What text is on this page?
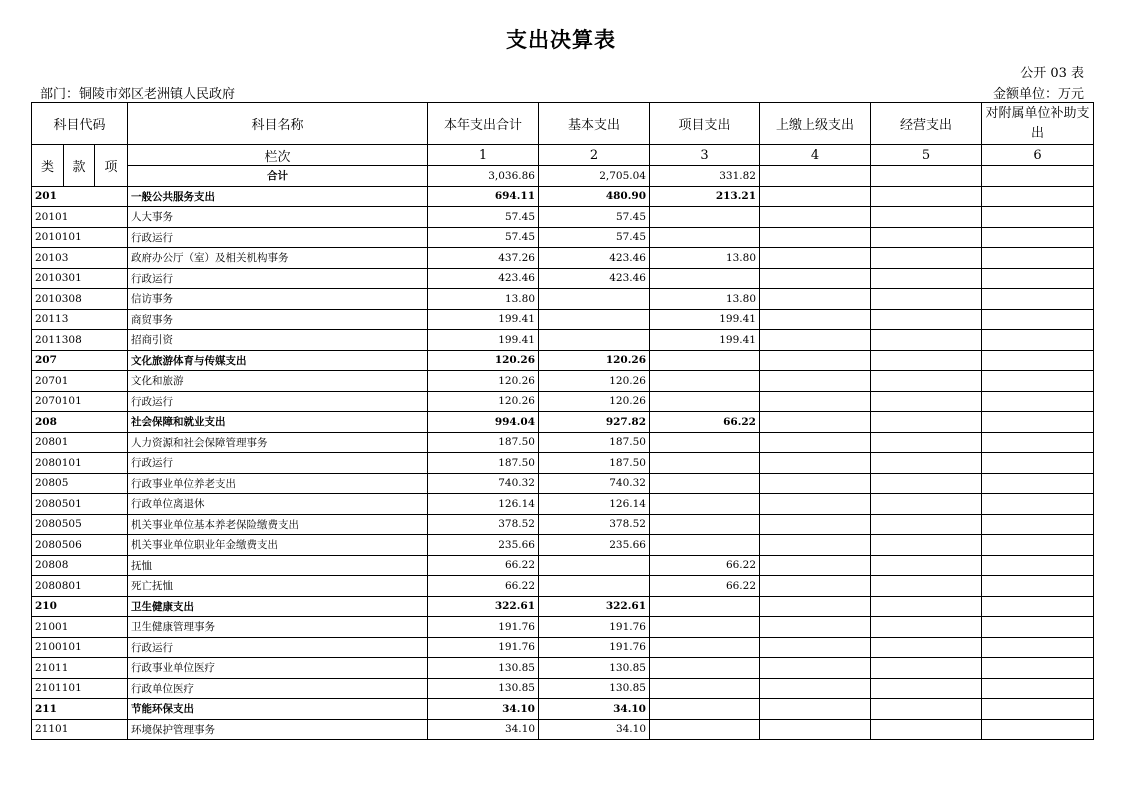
支出决算表
公开 03 表
部门：铜陵市郊区老洲镇人民政府	金额单位：万元
科目代码			科目名称	本年支出合计	基本支出	项目支出	上缴上级支出	经营支出	对附属单位补助支出
类	款	项	栏次	1	2	3	4	5	6
			合计	3,036.86	2,705.04	331.82			
201			一般公共服务支出	694.11	480.90	213.21			
20101			人大事务	57.45	57.45				
2010101			行政运行	57.45	57.45				
20103			政府办公厅（室）及相关机构事务	437.26	423.46	13.80			
2010301			行政运行	423.46	423.46				
2010308			信访事务	13.80		13.80			
20113			商贸事务	199.41		199.41			
2011308			招商引资	199.41		199.41			
207			文化旅游体育与传媒支出	120.26	120.26				
20701			文化和旅游	120.26	120.26				
2070101			行政运行	120.26	120.26				
208			社会保障和就业支出	994.04	927.82	66.22			
20801			人力资源和社会保障管理事务	187.50	187.50				
2080101			行政运行	187.50	187.50				
20805			行政事业单位养老支出	740.32	740.32				
2080501			行政单位离退休	126.14	126.14				
2080505			机关事业单位基本养老保险缴费支出	378.52	378.52				
2080506			机关事业单位职业年金缴费支出	235.66	235.66				
20808			抚恤	66.22		66.22			
2080801			死亡抚恤	66.22		66.22			
210			卫生健康支出	322.61	322.61				
21001			卫生健康管理事务	191.76	191.76				
2100101			行政运行	191.76	191.76				
21011			行政事业单位医疗	130.85	130.85				
2101101			行政单位医疗	130.85	130.85				
211			节能环保支出	34.10	34.10				
21101			环境保护管理事务	34.10	34.10				
